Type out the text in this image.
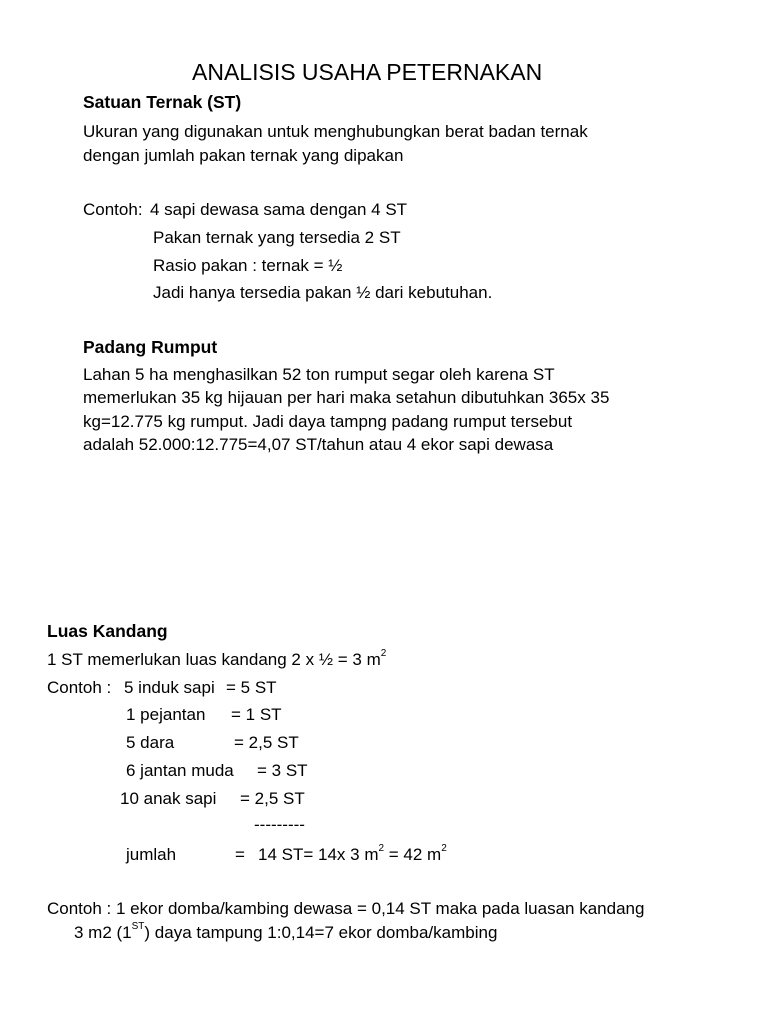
ANALISIS USAHA PETERNAKAN
Satuan Ternak (ST)
Ukuran yang digunakan untuk menghubungkan berat badan ternak
dengan jumlah pakan ternak yang dipakan
Contoh: 4 sapi dewasa sama dengan 4 ST
Pakan ternak yang tersedia 2 ST
Rasio pakan : ternak = ½
Jadi hanya tersedia pakan ½ dari kebutuhan.
Padang Rumput
Lahan 5 ha menghasilkan 52 ton rumput segar oleh karena ST
memerlukan 35 kg hijauan per hari maka setahun dibutuhkan 365x 35
kg=12.775 kg rumput. Jadi daya tampng padang rumput tersebut
adalah 52.000:12.775=4,07 ST/tahun atau 4 ekor sapi dewasa
Luas Kandang
1 ST memerlukan luas kandang 2 x ½ = 3 $m^2$
Contoh : 5 induk sapi = 5 ST
1 pejantan = 1 ST
5 dara	= 2,5 ST
6 jantan muda = 3 ST
10 anak sapi = 2,5 ST
---------
jumlah	= 14 ST= 14x 3 $m^2 = 42$ $m^2$
Contoh : 1 ekor domba/kambing dewasa = 0,14 ST maka pada luasan kandang
3 m2 (1ST) daya tampung 1:0,14=7 ekor domba/kambing
